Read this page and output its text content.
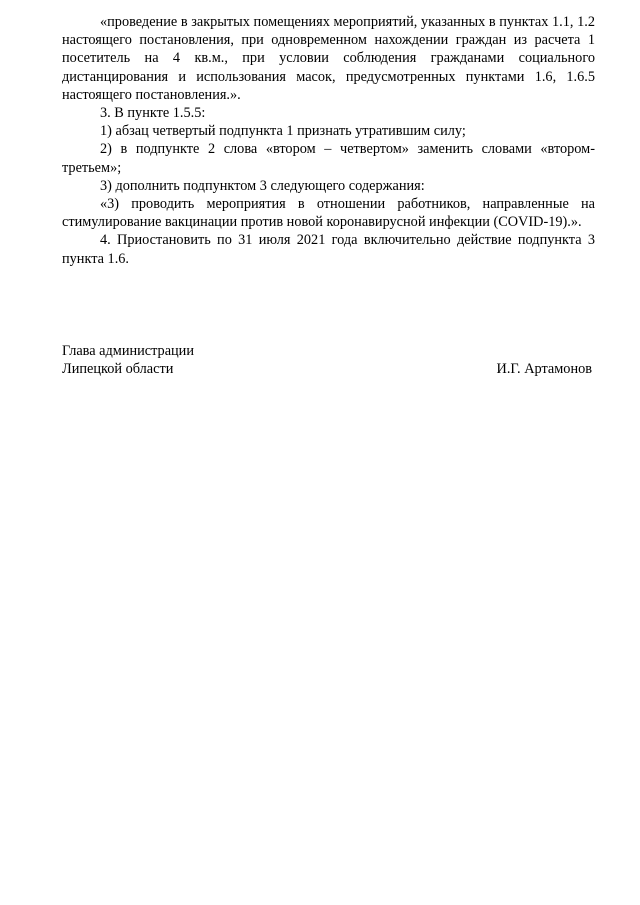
«проведение в закрытых помещениях мероприятий, указанных в пунктах 1.1, 1.2 настоящего постановления, при одновременном нахождении граждан из расчета 1 посетитель на 4 кв.м., при условии соблюдения гражданами социального дистанцирования и использования масок, предусмотренных пунктами 1.6, 1.6.5 настоящего постановления.».

3. В пункте 1.5.5:

1) абзац четвертый подпункта 1 признать утратившим силу;

2) в подпункте 2 слова «втором – четвертом» заменить словами «втором-третьем»;

3) дополнить подпунктом 3 следующего содержания:

«3) проводить мероприятия в отношении работников, направленные на стимулирование вакцинации против новой коронавирусной инфекции (COVID-19).».

4. Приостановить по 31 июля 2021 года включительно действие подпункта 3 пункта 1.6.

Глава администрации
Липецкой области	И.Г. Артамонов
